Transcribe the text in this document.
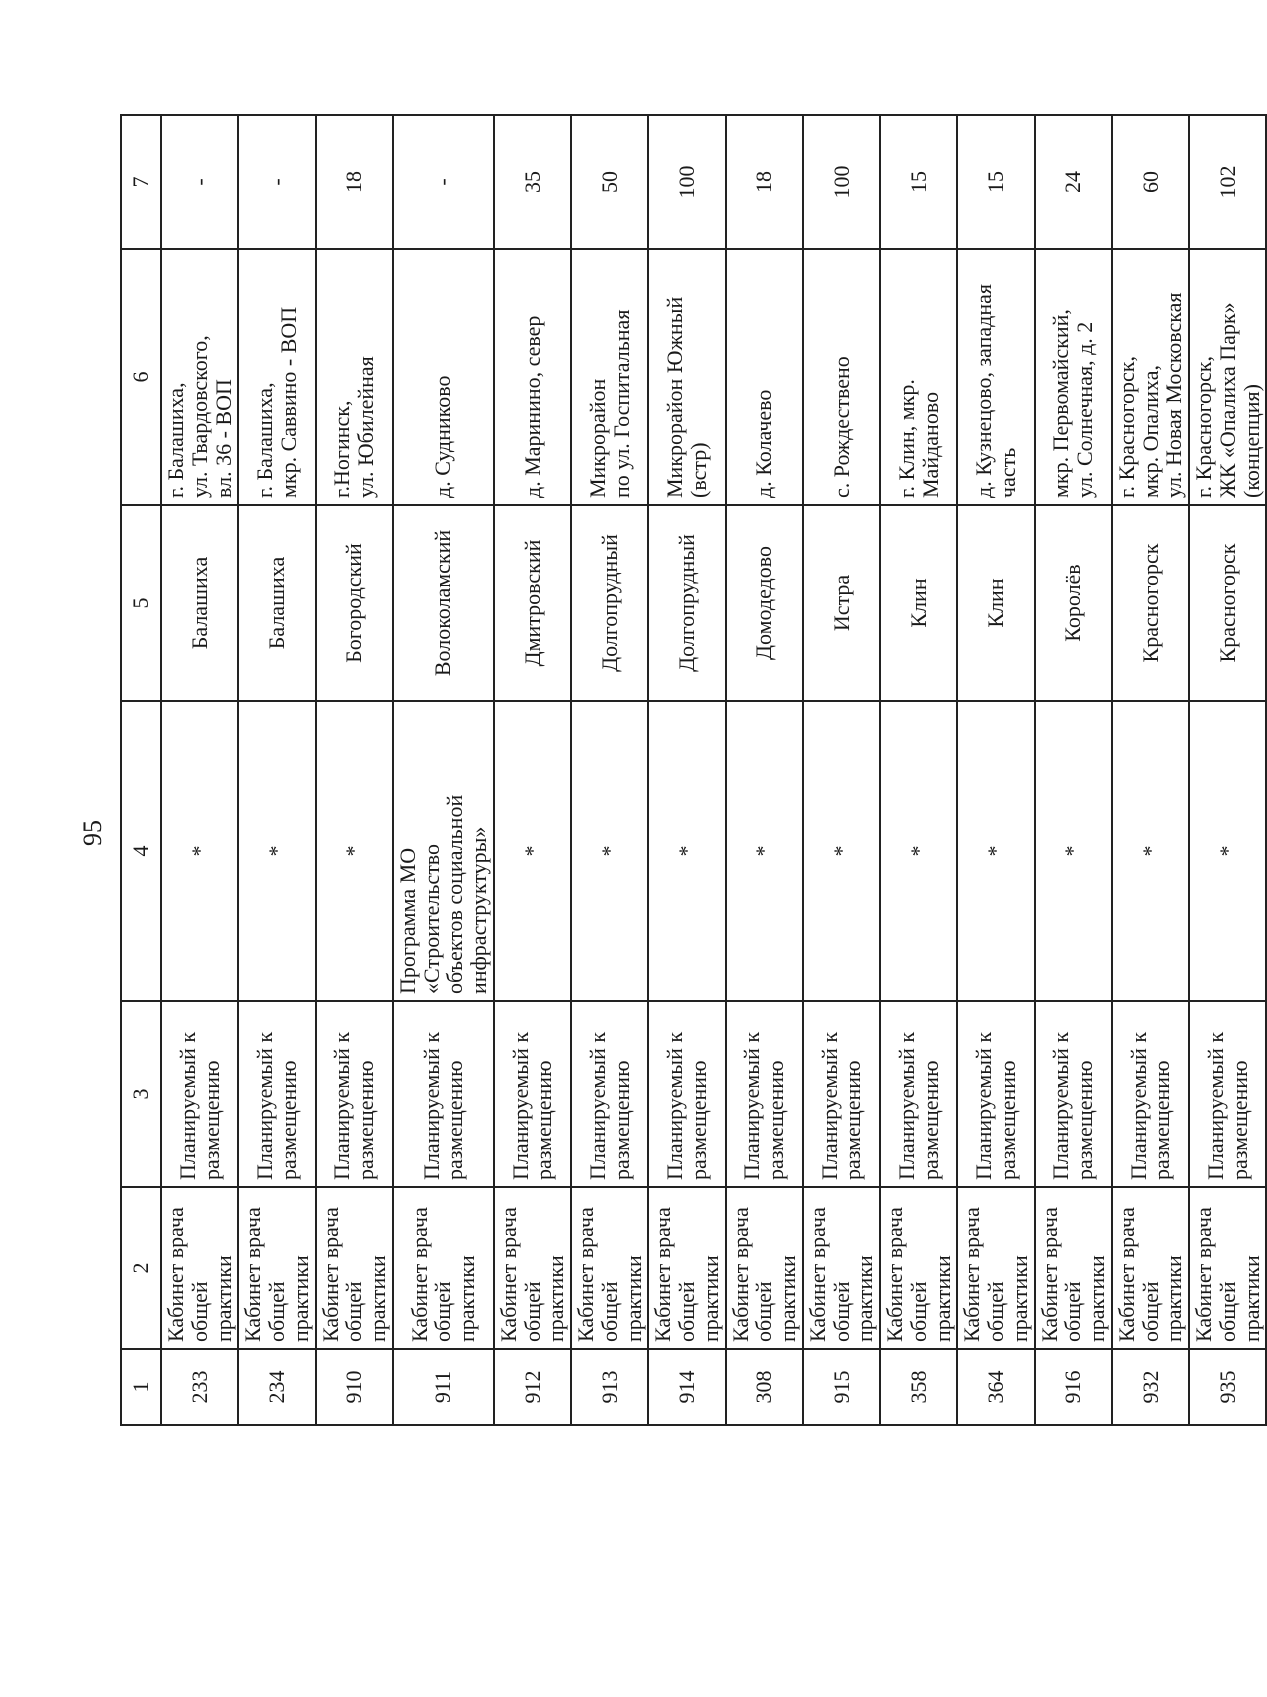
95
1	2	3	4	5	6	7
233	Кабинет врача
общей практики	Планируемый к
размещению	*	Балашиха	г. Балашиха,
ул. Твардовского,
вл. 36 - ВОП	-
234	Кабинет врача
общей практики	Планируемый к
размещению	*	Балашиха	г. Балашиха,
мкр. Саввино - ВОП	-
910	Кабинет врача
общей практики	Планируемый к
размещению	*	Богородский	г.Ногинск,
ул. Юбилейная	18
911	Кабинет врача
общей практики	Планируемый к
размещению	Программа МО «Строительство
объектов социальной
инфраструктуры»	Волоколамский	д. Судниково	-
912	Кабинет врача
общей практики	Планируемый к
размещению	*	Дмитровский	д. Маринино, север	35
913	Кабинет врача
общей практики	Планируемый к
размещению	*	Долгопрудный	Микрорайон
по ул. Госпитальная	50
914	Кабинет врача
общей практики	Планируемый к
размещению	*	Долгопрудный	Микрорайон Южный
(встр)	100
308	Кабинет врача
общей практики	Планируемый к
размещению	*	Домодедово	д. Колачево	18
915	Кабинет врача
общей практики	Планируемый к
размещению	*	Истра	с. Рождествено	100
358	Кабинет врача
общей практики	Планируемый к
размещению	*	Клин	г. Клин, мкр.
Майданово	15
364	Кабинет врача
общей практики	Планируемый к
размещению	*	Клин	д. Кузнецово, западная
часть	15
916	Кабинет врача
общей практики	Планируемый к
размещению	*	Королёв	мкр. Первомайский,
ул. Солнечная, д. 2	24
932	Кабинет врача
общей практики	Планируемый к
размещению	*	Красногорск	г. Красногорск,
мкр. Опалиха,
ул. Новая Московская	60
935	Кабинет врача
общей практики	Планируемый к
размещению	*	Красногорск	г. Красногорск,
ЖК «Опалиха Парк»
(концепция)	102
